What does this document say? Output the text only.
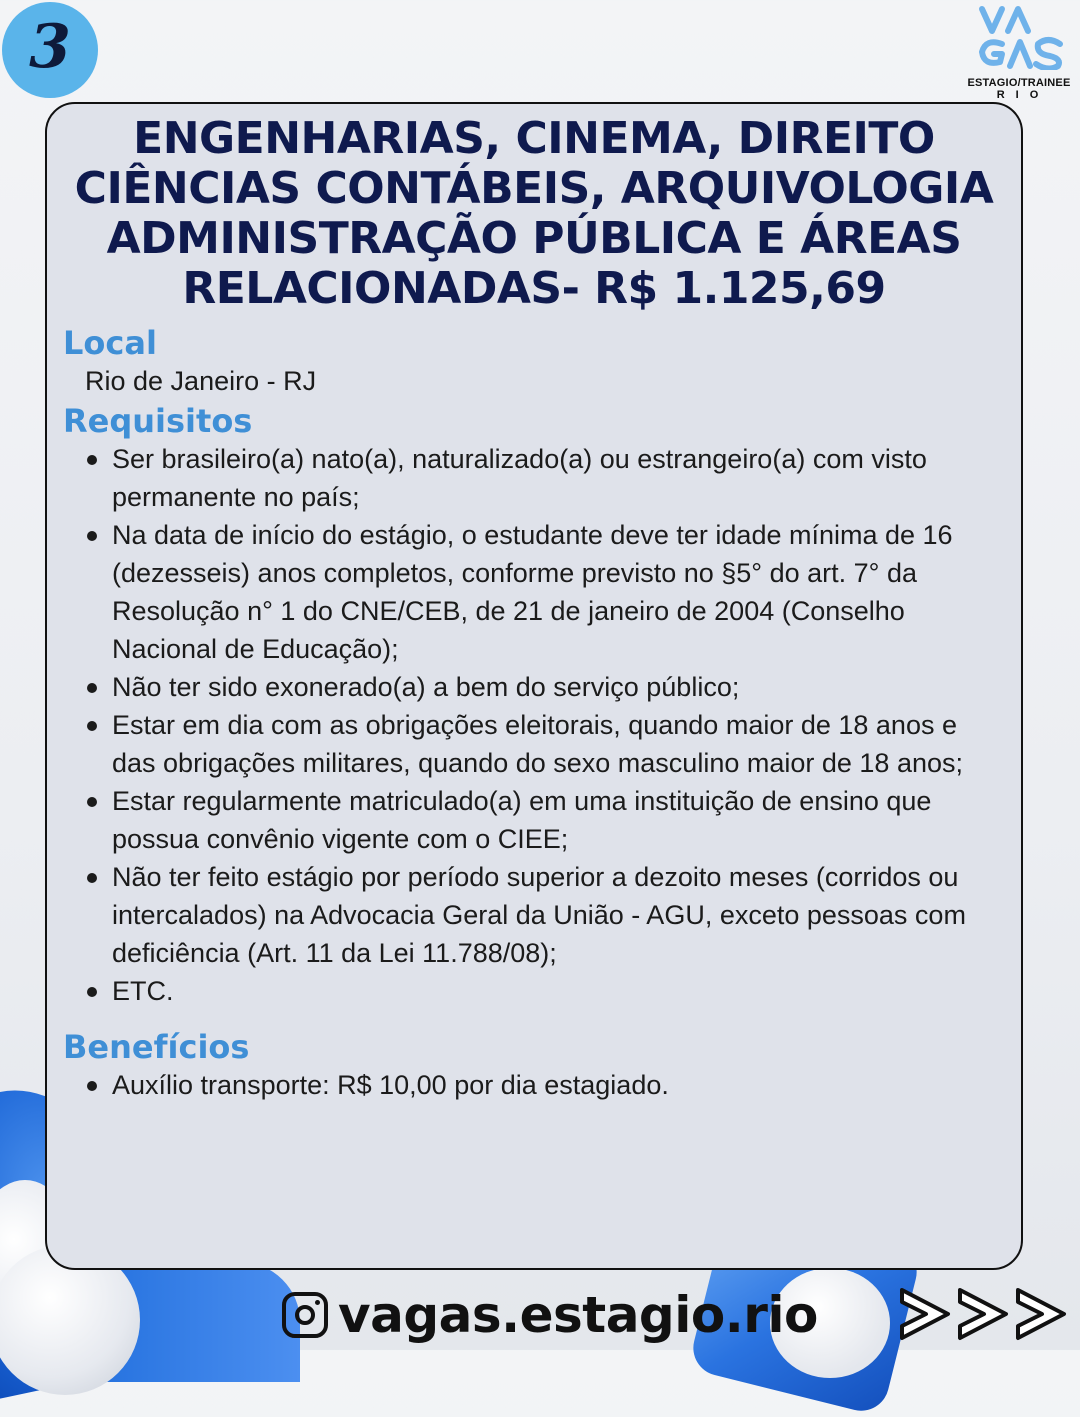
3
ESTAGIO/TRAINEE
RIO
ENGENHARIAS, CINEMA, DIREITO
CIÊNCIAS CONTÁBEIS, ARQUIVOLOGIA
ADMINISTRAÇÃO PÚBLICA E ÁREAS
RELACIONADAS- R$ 1.125,69
Local
Rio de Janeiro - RJ
Requisitos
Ser brasileiro(a) nato(a), naturalizado(a) ou estrangeiro(a) com visto permanente no país;
Na data de início do estágio, o estudante deve ter idade mínima de 16 (dezesseis) anos completos, conforme previsto no §5° do art. 7° da Resolução n° 1 do CNE/CEB, de 21 de janeiro de 2004 (Conselho Nacional de Educação);
Não ter sido exonerado(a) a bem do serviço público;
Estar em dia com as obrigações eleitorais, quando maior de 18 anos e das obrigações militares, quando do sexo masculino maior de 18 anos;
Estar regularmente matriculado(a) em uma instituição de ensino que possua convênio vigente com o CIEE;
Não ter feito estágio por período superior a dezoito meses (corridos ou intercalados) na Advocacia Geral da União - AGU, exceto pessoas com deficiência (Art. 11 da Lei 11.788/08);
ETC.
Benefícios
Auxílio transporte: R$ 10,00 por dia estagiado.
vagas.estagio.rio
